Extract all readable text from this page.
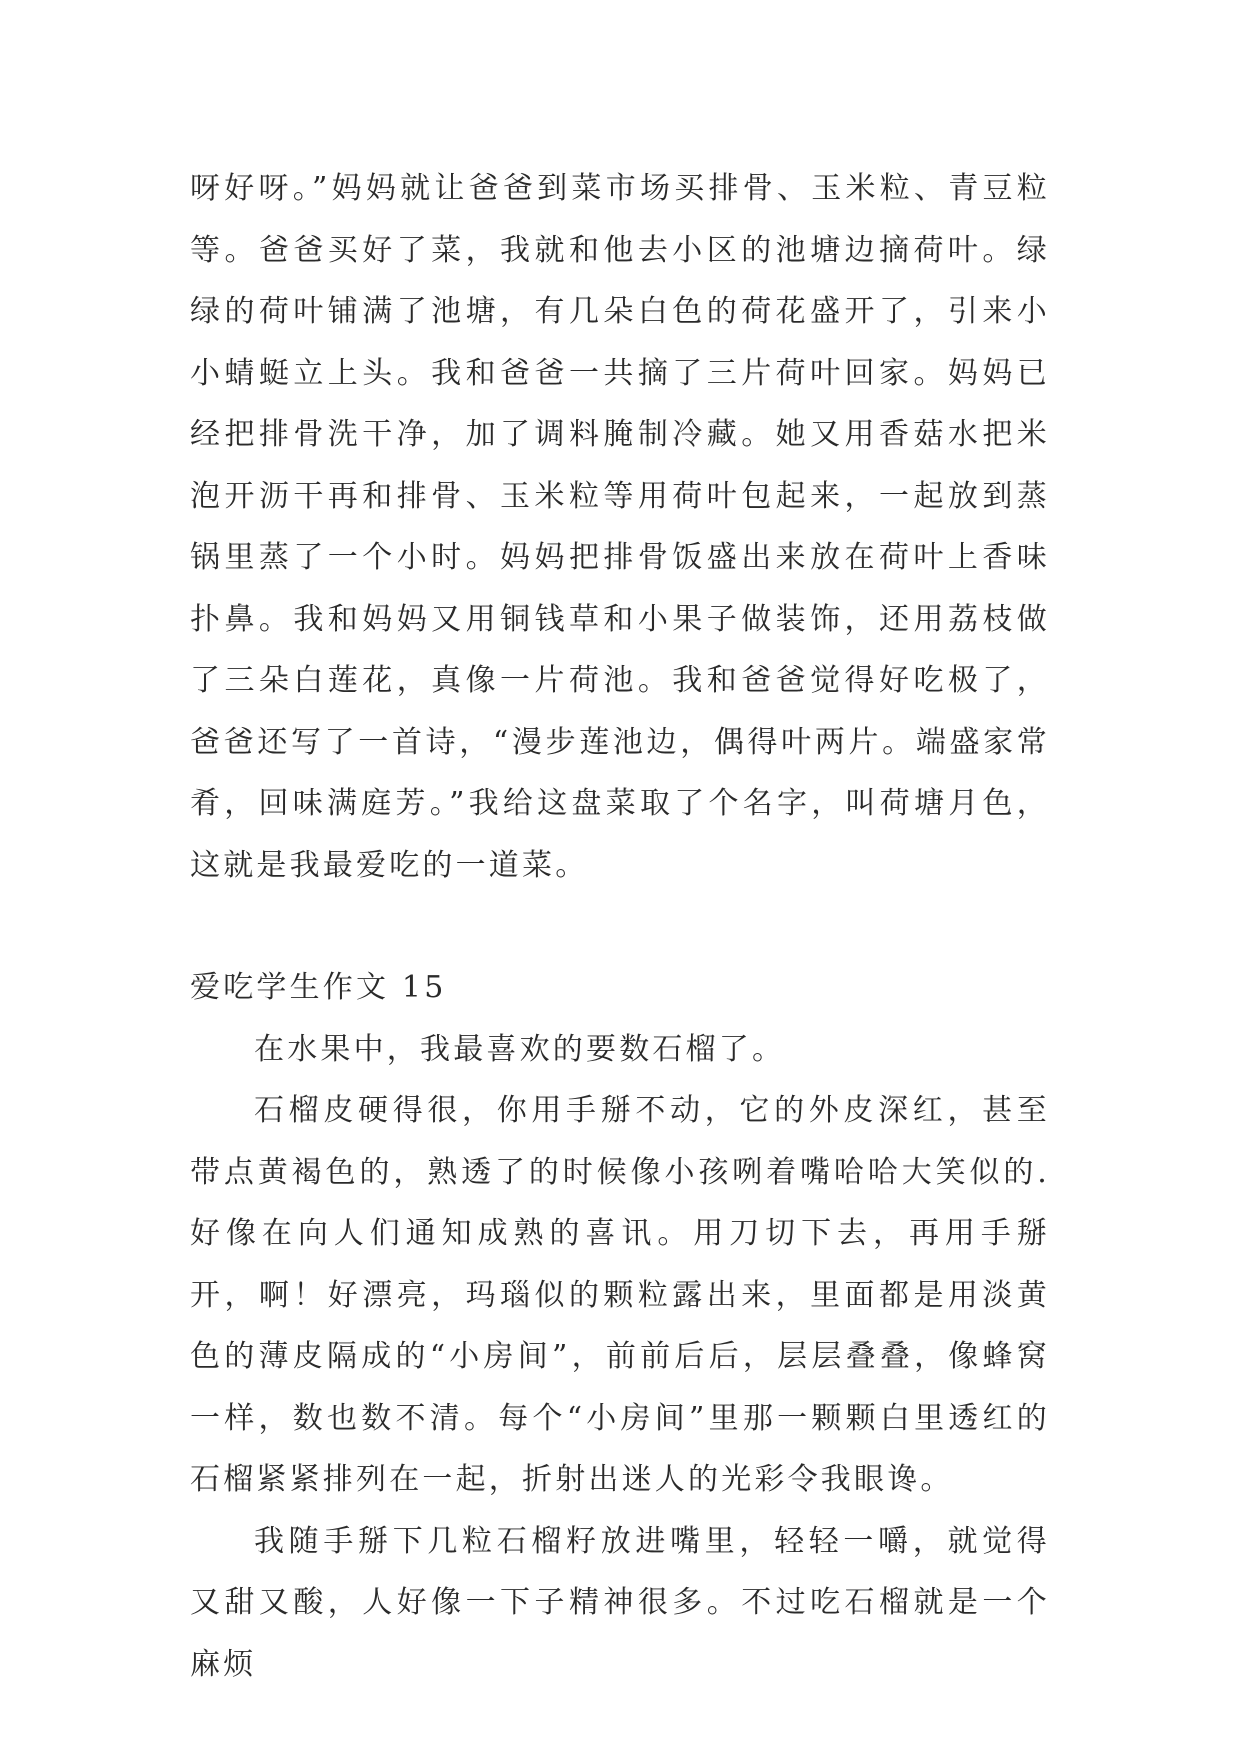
呀好呀。”妈妈就让爸爸到菜市场买排骨、玉米粒、青豆粒等。爸爸买好了菜，我就和他去小区的池塘边摘荷叶。绿绿的荷叶铺满了池塘，有几朵白色的荷花盛开了，引来小小蜻蜓立上头。我和爸爸一共摘了三片荷叶回家。妈妈已经把排骨洗干净，加了调料腌制冷藏。她又用香菇水把米泡开沥干再和排骨、玉米粒等用荷叶包起来，一起放到蒸锅里蒸了一个小时。妈妈把排骨饭盛出来放在荷叶上香味扑鼻。我和妈妈又用铜钱草和小果子做装饰，还用荔枝做了三朵白莲花，真像一片荷池。我和爸爸觉得好吃极了，爸爸还写了一首诗，“漫步莲池边，偶得叶两片。端盛家常肴，回味满庭芳。”我给这盘菜取了个名字，叫荷塘月色，这就是我最爱吃的一道菜。

爱吃学生作文 15

在水果中，我最喜欢的要数石榴了。

石榴皮硬得很，你用手掰不动，它的外皮深红，甚至带点黄褐色的，熟透了的时候像小孩咧着嘴哈哈大笑似的.好像在向人们通知成熟的喜讯。用刀切下去，再用手掰开，啊！好漂亮，玛瑙似的颗粒露出来，里面都是用淡黄色的薄皮隔成的“小房间”，前前后后，层层叠叠，像蜂窝一样，数也数不清。每个“小房间”里那一颗颗白里透红的石榴紧紧排列在一起，折射出迷人的光彩令我眼谗。

我随手掰下几粒石榴籽放进嘴里，轻轻一嚼，就觉得又甜又酸，人好像一下子精神很多。不过吃石榴就是一个麻烦
